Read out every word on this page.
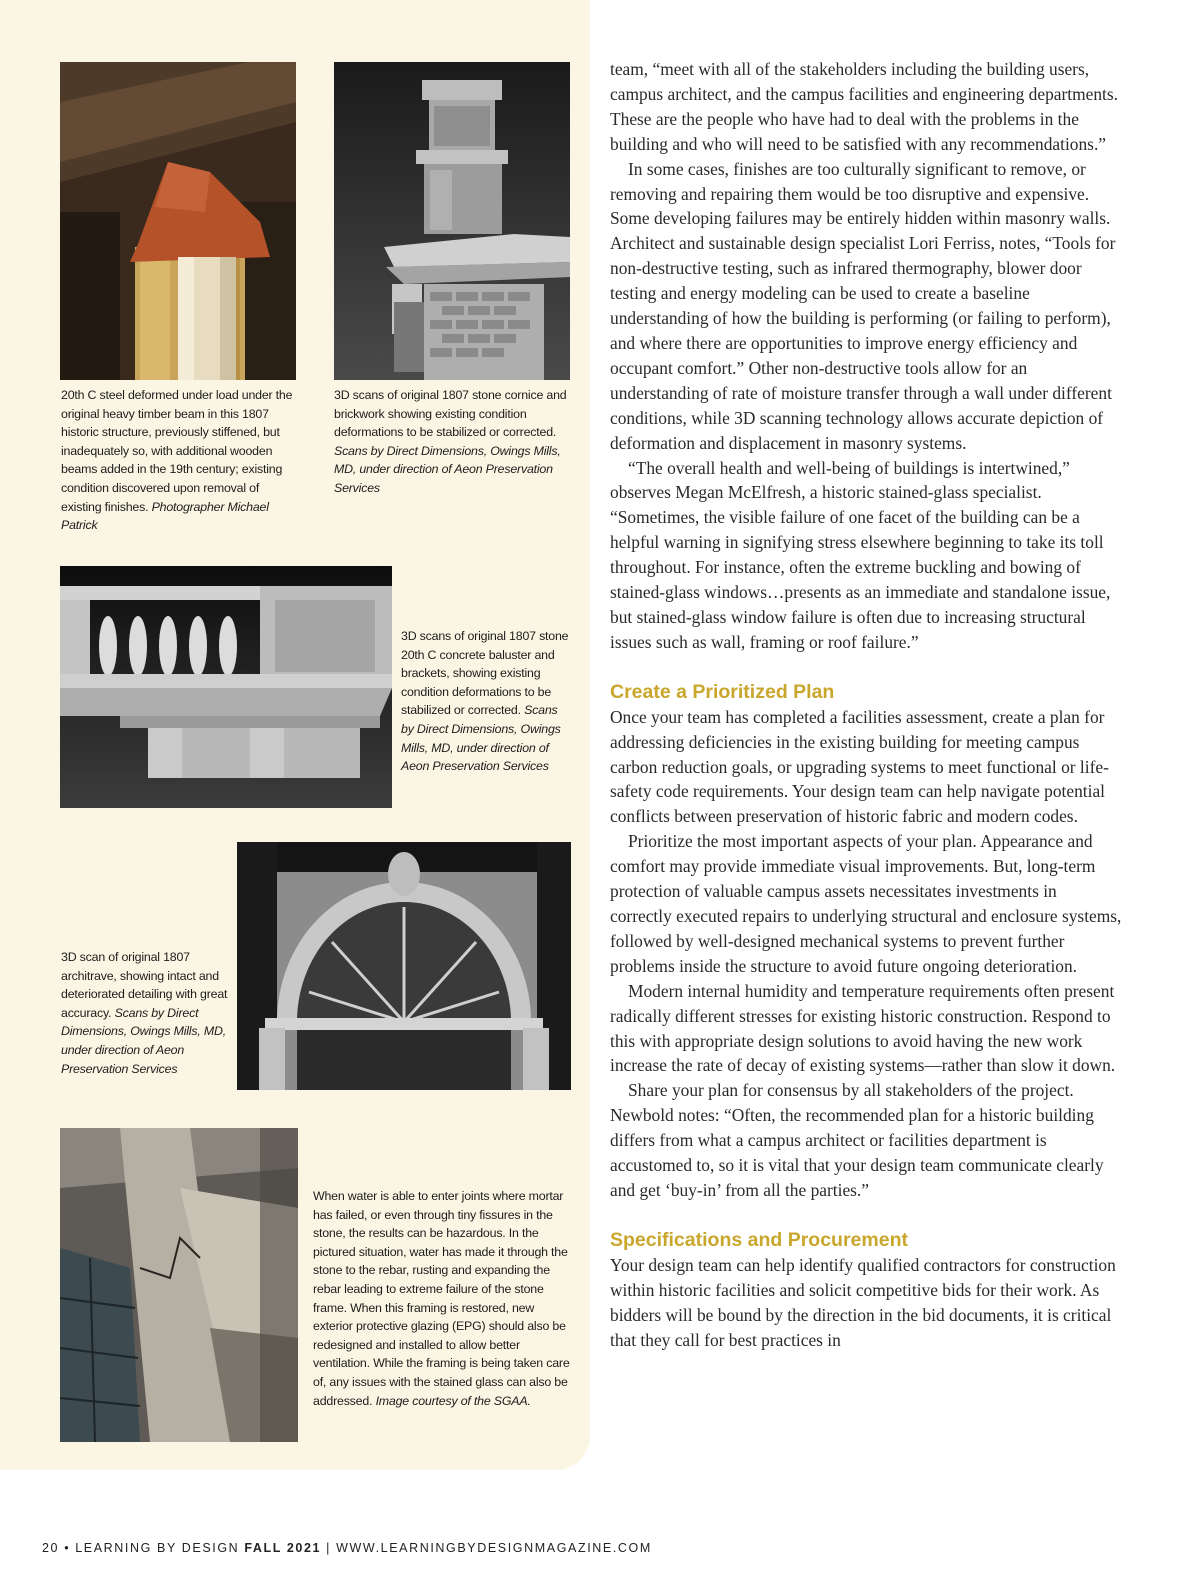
20th C steel deformed under load under the original heavy timber beam in this 1807 historic structure, previously stiffened, but inadequately so, with additional wooden beams added in the 19th century; existing condition discovered upon removal of existing finishes. Photographer Michael Patrick
3D scans of original 1807 stone cornice and brickwork showing existing condition deformations to be stabilized or corrected. Scans by Direct Dimensions, Owings Mills, MD, under direction of Aeon Preservation Services
3D scans of original 1807 stone 20th C concrete baluster and brackets, showing existing condition deformations to be stabilized or corrected. Scans by Direct Dimensions, Owings Mills, MD, under direction of Aeon Preservation Services
3D scan of original 1807 architrave, showing intact and deteriorated detailing with great accuracy. Scans by Direct Dimensions, Owings Mills, MD, under direction of Aeon Preservation Services
When water is able to enter joints where mortar has failed, or even through tiny fissures in the stone, the results can be hazardous. In the pictured situation, water has made it through the stone to the rebar, rusting and expanding the rebar leading to extreme failure of the stone frame. When this framing is restored, new exterior protective glazing (EPG) should also be redesigned and installed to allow better ventilation. While the framing is being taken care of, any issues with the stained glass can also be addressed. Image courtesy of the SGAA.

team, “meet with all of the stakeholders including the building users, campus architect, and the campus facilities and engineering departments. These are the people who have had to deal with the problems in the building and who will need to be satisfied with any recommendations.”

In some cases, finishes are too culturally significant to remove, or removing and repairing them would be too disruptive and expensive. Some developing failures may be entirely hidden within masonry walls. Architect and sustainable design specialist Lori Ferriss, notes, “Tools for non-destructive testing, such as infrared thermography, blower door testing and energy modeling can be used to create a baseline understanding of how the building is performing (or failing to perform), and where there are opportunities to improve energy efficiency and occupant comfort.” Other non-destructive tools allow for an understanding of rate of moisture transfer through a wall under different conditions, while 3D scanning technology allows accurate depiction of deformation and displacement in masonry systems.

“The overall health and well-being of buildings is intertwined,” observes Megan McElfresh, a historic stained-glass specialist. “Sometimes, the visible failure of one facet of the building can be a helpful warning in signifying stress elsewhere beginning to take its toll throughout. For instance, often the extreme buckling and bowing of stained-glass windows…presents as an immediate and standalone issue, but stained-glass window failure is often due to increasing structural issues such as wall, framing or roof failure.”

Create a Prioritized Plan

Once your team has completed a facilities assessment, create a plan for addressing deficiencies in the existing building for meeting campus carbon reduction goals, or upgrading systems to meet functional or life-safety code requirements. Your design team can help navigate potential conflicts between preservation of historic fabric and modern codes.

Prioritize the most important aspects of your plan. Appearance and comfort may provide immediate visual improvements. But, long-term protection of valuable campus assets necessitates investments in correctly executed repairs to underlying structural and enclosure systems, followed by well-designed mechanical systems to prevent further problems inside the structure to avoid future ongoing deterioration.

Modern internal humidity and temperature requirements often present radically different stresses for existing historic construction. Respond to this with appropriate design solutions to avoid having the new work increase the rate of decay of existing systems—rather than slow it down.

Share your plan for consensus by all stakeholders of the project. Newbold notes: “Often, the recommended plan for a historic building differs from what a campus architect or facilities department is accustomed to, so it is vital that your design team communicate clearly and get ‘buy-in’ from all the parties.”

Specifications and Procurement

Your design team can help identify qualified contractors for construction within historic facilities and solicit competitive bids for their work. As bidders will be bound by the direction in the bid documents, it is critical that they call for best practices in

20 • LEARNING BY DESIGN FALL 2021 | WWW.LEARNINGBYDESIGNMAGAZINE.COM
